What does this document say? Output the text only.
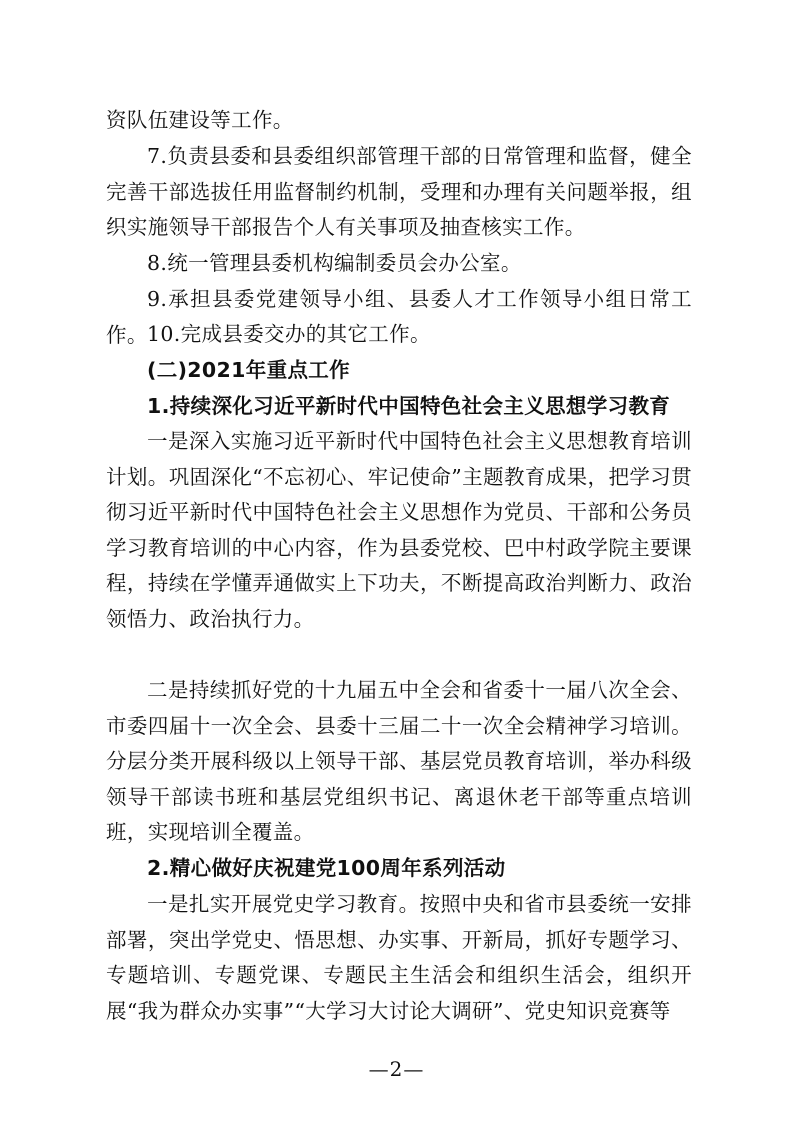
资队伍建设等工作。

7.负责县委和县委组织部管理干部的日常管理和监督，健全完善干部选拔任用监督制约机制，受理和办理有关问题举报，组织实施领导干部报告个人有关事项及抽查核实工作。

8.统一管理县委机构编制委员会办公室。

9.承担县委党建领导小组、县委人才工作领导小组日常工作。 10.完成县委交办的其它工作。

(二)2021年重点工作

1.持续深化习近平新时代中国特色社会主义思想学习教育

一是深入实施习近平新时代中国特色社会主义思想教育培训计划。巩固深化“不忘初心、牢记使命”主题教育成果，把学习贯彻习近平新时代中国特色社会主义思想作为党员、干部和公务员学习教育培训的中心内容，作为县委党校、巴中村政学院主要课程，持续在学懂弄通做实上下功夫，不断提高政治判断力、政治领悟力、政治执行力。

二是持续抓好党的十九届五中全会和省委十一届八次全会、市委四届十一次全会、县委十三届二十一次全会精神学习培训。分层分类开展科级以上领导干部、基层党员教育培训，举办科级领导干部读书班和基层党组织书记、离退休老干部等重点培训班，实现培训全覆盖。

2.精心做好庆祝建党100周年系列活动

一是扎实开展党史学习教育。按照中央和省市县委统一安排部署，突出学党史、悟思想、办实事、开新局，抓好专题学习、专题培训、专题党课、专题民主生活会和组织生活会，组织开展“我为群众办实事”“大学习大讨论大调研”、党史知识竞赛等

—2—
